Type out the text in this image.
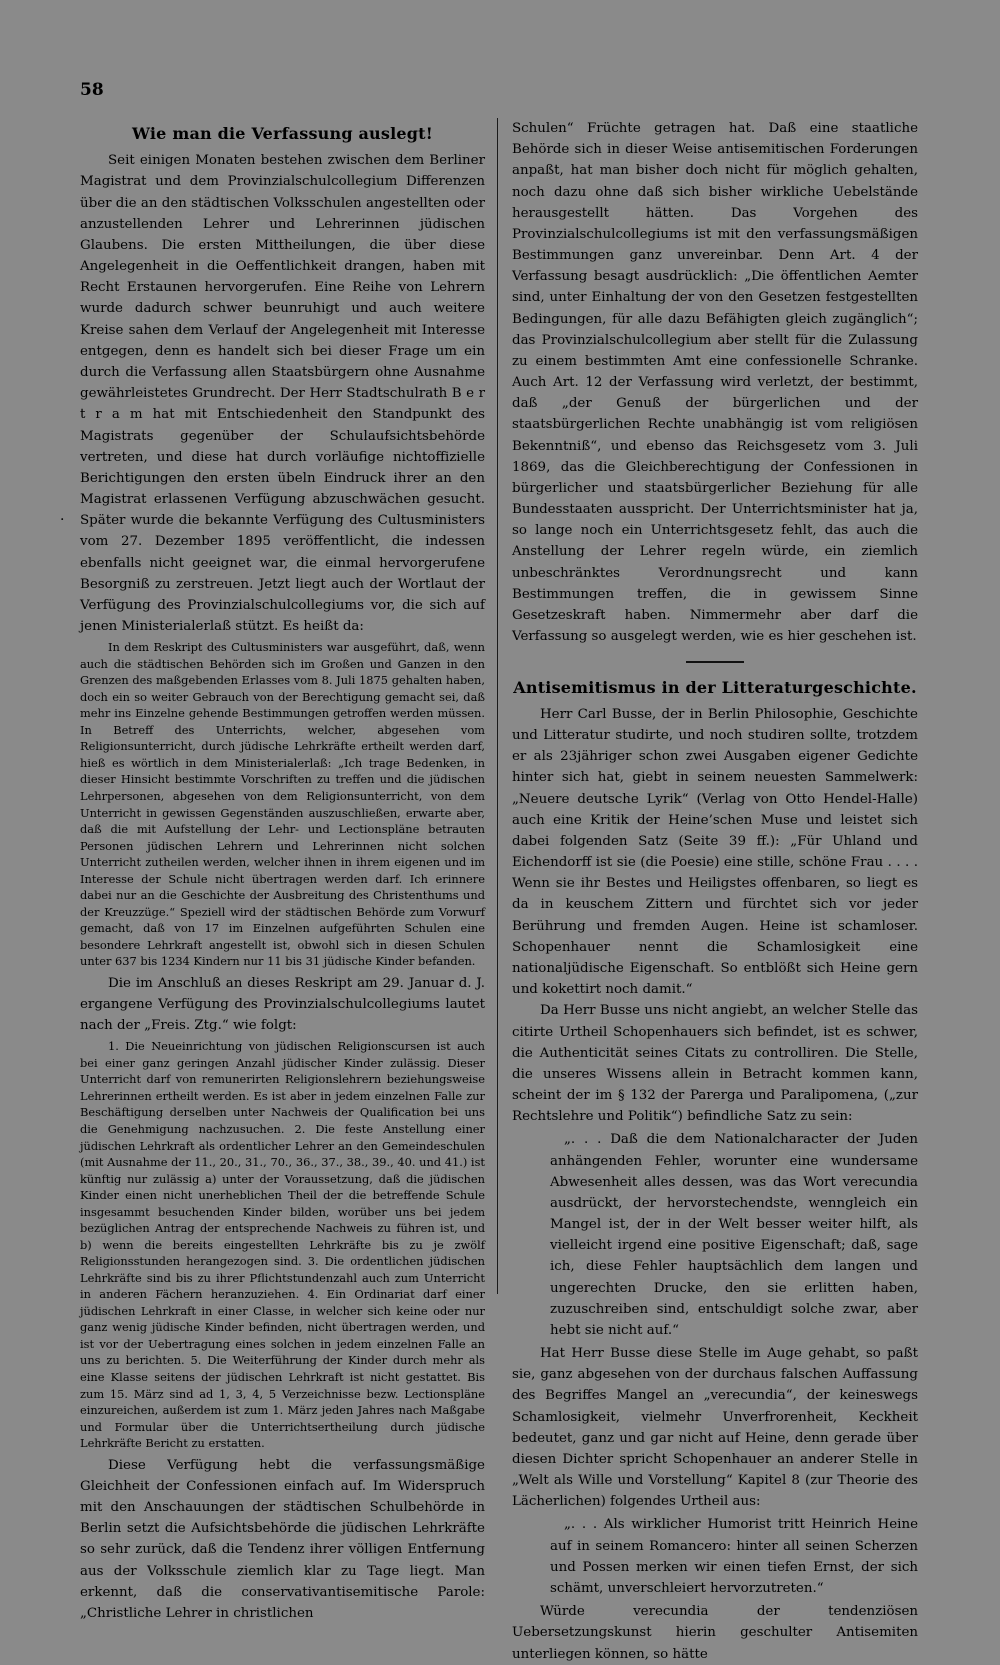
58
·
Wie man die Verfassung auslegt!

Seit einigen Monaten bestehen zwischen dem Berliner Magistrat und dem Provinzialschulcollegium Differenzen über die an den städtischen Volksschulen angestellten oder anzustellenden Lehrer und Lehrerinnen jüdischen Glaubens. Die ersten Mittheilungen, die über diese Angelegenheit in die Oeffentlichkeit drangen, haben mit Recht Erstaunen hervorgerufen. Eine Reihe von Lehrern wurde dadurch schwer beunruhigt und auch weitere Kreise sahen dem Verlauf der Angelegenheit mit Interesse entgegen, denn es handelt sich bei dieser Frage um ein durch die Verfassung allen Staatsbürgern ohne Ausnahme gewährleistetes Grundrecht. Der Herr Stadtschulrath B e r t r a m hat mit Entschiedenheit den Standpunkt des Magistrats gegenüber der Schulaufsichtsbehörde vertreten, und diese hat durch vorläufige nichtoffizielle Berichtigungen den ersten übeln Eindruck ihrer an den Magistrat erlassenen Verfügung abzuschwächen gesucht. Später wurde die bekannte Verfügung des Cultusministers vom 27. Dezember 1895 veröffentlicht, die indessen ebenfalls nicht geeignet war, die einmal hervorgerufene Besorgniß zu zerstreuen. Jetzt liegt auch der Wortlaut der Verfügung des Provinzialschulcollegiums vor, die sich auf jenen Ministerialerlaß stützt. Es heißt da:

In dem Reskript des Cultusministers war ausgeführt, daß, wenn auch die städtischen Behörden sich im Großen und Ganzen in den Grenzen des maßgebenden Erlasses vom 8. Juli 1875 gehalten haben, doch ein so weiter Gebrauch von der Berechtigung gemacht sei, daß mehr ins Einzelne gehende Bestimmungen getroffen werden müssen. In Betreff des Unterrichts, welcher, abgesehen vom Religionsunterricht, durch jüdische Lehrkräfte ertheilt werden darf, hieß es wörtlich in dem Ministerialerlaß: „Ich trage Bedenken, in dieser Hinsicht bestimmte Vorschriften zu treffen und die jüdischen Lehrpersonen, abgesehen von dem Religionsunterricht, von dem Unterricht in gewissen Gegenständen auszuschließen, erwarte aber, daß die mit Aufstellung der Lehr- und Lectionspläne betrauten Personen jüdischen Lehrern und Lehrerinnen nicht solchen Unterricht zutheilen werden, welcher ihnen in ihrem eigenen und im Interesse der Schule nicht übertragen werden darf. Ich erinnere dabei nur an die Geschichte der Ausbreitung des Christenthums und der Kreuzzüge.“ Speziell wird der städtischen Behörde zum Vorwurf gemacht, daß von 17 im Einzelnen aufgeführten Schulen eine besondere Lehrkraft angestellt ist, obwohl sich in diesen Schulen unter 637 bis 1234 Kindern nur 11 bis 31 jüdische Kinder befanden.

Die im Anschluß an dieses Reskript am 29. Januar d. J. ergangene Verfügung des Provinzialschulcollegiums lautet nach der „Freis. Ztg.“ wie folgt:

1. Die Neueinrichtung von jüdischen Religionscursen ist auch bei einer ganz geringen Anzahl jüdischer Kinder zulässig. Dieser Unterricht darf von remunerirten Religionslehrern beziehungsweise Lehrerinnen ertheilt werden. Es ist aber in jedem einzelnen Falle zur Beschäftigung derselben unter Nachweis der Qualification bei uns die Genehmigung nachzusuchen. 2. Die feste Anstellung einer jüdischen Lehrkraft als ordentlicher Lehrer an den Gemeindeschulen (mit Ausnahme der 11., 20., 31., 70., 36., 37., 38., 39., 40. und 41.) ist künftig nur zulässig a) unter der Voraussetzung, daß die jüdischen Kinder einen nicht unerheblichen Theil der die betreffende Schule insgesammt besuchenden Kinder bilden, worüber uns bei jedem bezüglichen Antrag der entsprechende Nachweis zu führen ist, und b) wenn die bereits eingestellten Lehrkräfte bis zu je zwölf Religionsstunden herangezogen sind. 3. Die ordentlichen jüdischen Lehrkräfte sind bis zu ihrer Pflichtstundenzahl auch zum Unterricht in anderen Fächern heranzuziehen. 4. Ein Ordinariat darf einer jüdischen Lehrkraft in einer Classe, in welcher sich keine oder nur ganz wenig jüdische Kinder befinden, nicht übertragen werden, und ist vor der Uebertragung eines solchen in jedem einzelnen Falle an uns zu berichten. 5. Die Weiterführung der Kinder durch mehr als eine Klasse seitens der jüdischen Lehrkraft ist nicht gestattet. Bis zum 15. März sind ad 1, 3, 4, 5 Verzeichnisse bezw. Lectionspläne einzureichen, außerdem ist zum 1. März jeden Jahres nach Maßgabe und Formular über die Unterrichtsertheilung durch jüdische Lehrkräfte Bericht zu erstatten.

Diese Verfügung hebt die verfassungsmäßige Gleichheit der Confessionen einfach auf. Im Widerspruch mit den Anschauungen der städtischen Schulbehörde in Berlin setzt die Aufsichtsbehörde die jüdischen Lehrkräfte so sehr zurück, daß die Tendenz ihrer völligen Entfernung aus der Volksschule ziemlich klar zu Tage liegt. Man erkennt, daß die conservativantisemitische Parole: „Christliche Lehrer in christlichen

Schulen“ Früchte getragen hat. Daß eine staatliche Behörde sich in dieser Weise antisemitischen Forderungen anpaßt, hat man bisher doch nicht für möglich gehalten, noch dazu ohne daß sich bisher wirkliche Uebelstände herausgestellt hätten. Das Vorgehen des Provinzialschulcollegiums ist mit den verfassungsmäßigen Bestimmungen ganz unvereinbar. Denn Art. 4 der Verfassung besagt ausdrücklich: „Die öffentlichen Aemter sind, unter Einhaltung der von den Gesetzen festgestellten Bedingungen, für alle dazu Befähigten gleich zugänglich“; das Provinzialschulcollegium aber stellt für die Zulassung zu einem bestimmten Amt eine confessionelle Schranke. Auch Art. 12 der Verfassung wird verletzt, der bestimmt, daß „der Genuß der bürgerlichen und der staatsbürgerlichen Rechte unabhängig ist vom religiösen Bekenntniß“, und ebenso das Reichsgesetz vom 3. Juli 1869, das die Gleichberechtigung der Confessionen in bürgerlicher und staatsbürgerlicher Beziehung für alle Bundesstaaten ausspricht. Der Unterrichtsminister hat ja, so lange noch ein Unterrichtsgesetz fehlt, das auch die Anstellung der Lehrer regeln würde, ein ziemlich unbeschränktes Verordnungsrecht und kann Bestimmungen treffen, die in gewissem Sinne Gesetzeskraft haben. Nimmermehr aber darf die Verfassung so ausgelegt werden, wie es hier geschehen ist.

Antisemitismus in der Litteraturgeschichte.

Herr Carl Busse, der in Berlin Philosophie, Geschichte und Litteratur studirte, und noch studiren sollte, trotzdem er als 23jähriger schon zwei Ausgaben eigener Gedichte hinter sich hat, giebt in seinem neuesten Sammelwerk: „Neuere deutsche Lyrik“ (Verlag von Otto Hendel-Halle) auch eine Kritik der Heine’schen Muse und leistet sich dabei folgenden Satz (Seite 39 ff.): „Für Uhland und Eichendorff ist sie (die Poesie) eine stille, schöne Frau . . . . Wenn sie ihr Bestes und Heiligstes offenbaren, so liegt es da in keuschem Zittern und fürchtet sich vor jeder Berührung und fremden Augen. Heine ist schamloser. Schopenhauer nennt die Schamlosigkeit eine nationaljüdische Eigenschaft. So entblößt sich Heine gern und kokettirt noch damit.“

Da Herr Busse uns nicht angiebt, an welcher Stelle das citirte Urtheil Schopenhauers sich befindet, ist es schwer, die Authenticität seines Citats zu controlliren. Die Stelle, die unseres Wissens allein in Betracht kommen kann, scheint der im § 132 der Parerga und Paralipomena, („zur Rechtslehre und Politik“) befindliche Satz zu sein:

„. . . Daß die dem Nationalcharacter der Juden anhängenden Fehler, worunter eine wundersame Abwesenheit alles dessen, was das Wort verecundia ausdrückt, der hervorstechendste, wenngleich ein Mangel ist, der in der Welt besser weiter hilft, als vielleicht irgend eine positive Eigenschaft; daß, sage ich, diese Fehler hauptsächlich dem langen und ungerechten Drucke, den sie erlitten haben, zuzuschreiben sind, entschuldigt solche zwar, aber hebt sie nicht auf.“

Hat Herr Busse diese Stelle im Auge gehabt, so paßt sie, ganz abgesehen von der durchaus falschen Auffassung des Begriffes Mangel an „verecundia“, der keineswegs Schamlosigkeit, vielmehr Unverfrorenheit, Keckheit bedeutet, ganz und gar nicht auf Heine, denn gerade über diesen Dichter spricht Schopenhauer an anderer Stelle in „Welt als Wille und Vorstellung“ Kapitel 8 (zur Theorie des Lächerlichen) folgendes Urtheil aus:

„. . . Als wirklicher Humorist tritt Heinrich Heine auf in seinem Romancero: hinter all seinen Scherzen und Possen merken wir einen tiefen Ernst, der sich schämt, unverschleiert hervorzutreten.“

Würde verecundia der tendenziösen Uebersetzungskunst hierin geschulter Antisemiten unterliegen können, so hätte
